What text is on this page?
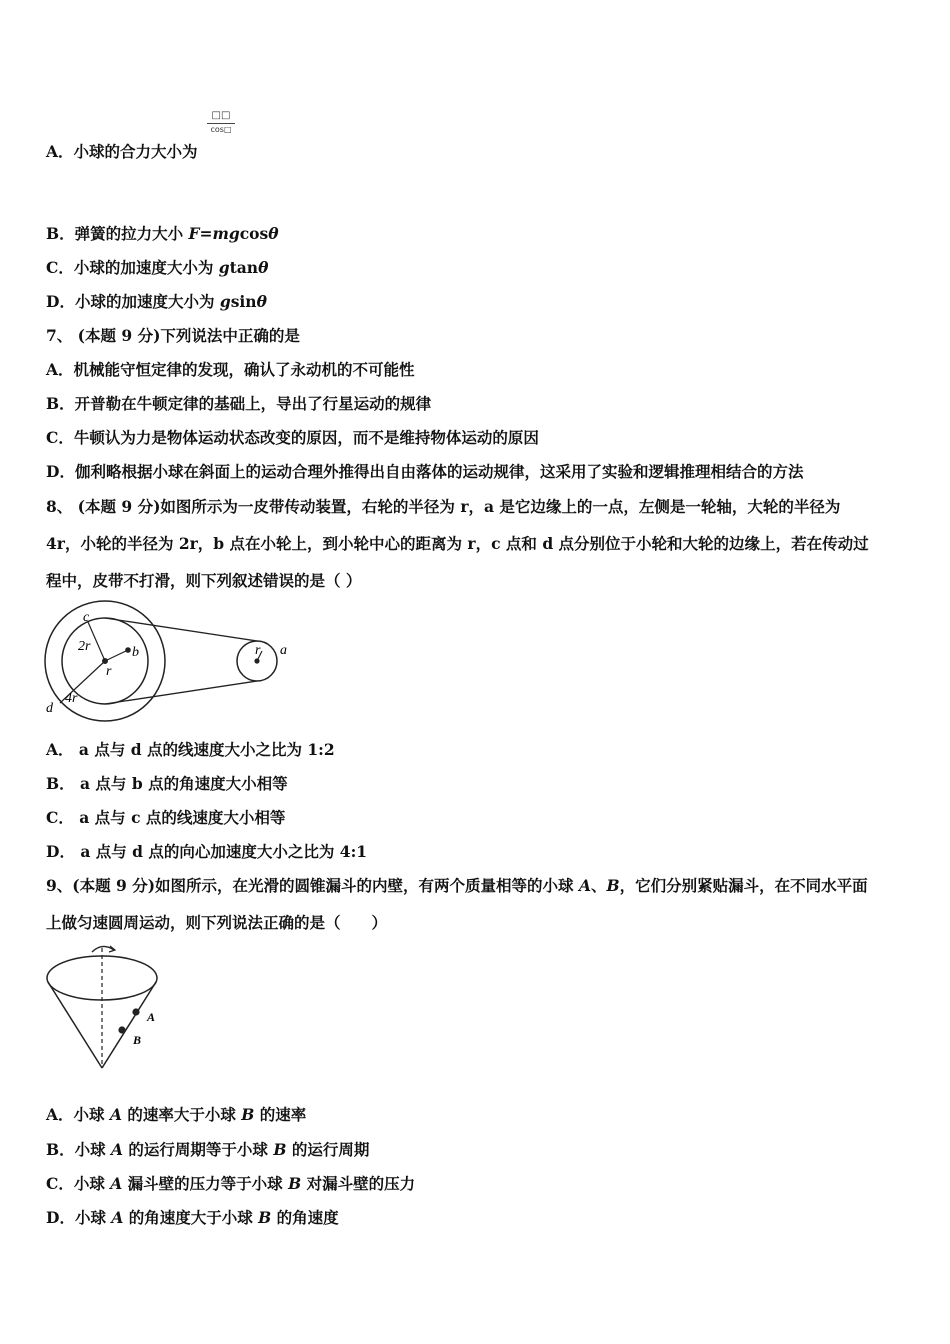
□□
cos□
A．小球的合力大小为
B．弹簧的拉力大小 F=mgcosθ
C．小球的加速度大小为 gtanθ
D．小球的加速度大小为 gsinθ
7、 (本题 9 分)下列说法中正确的是
A．机械能守恒定律的发现，确认了永动机的不可能性
B．开普勒在牛顿定律的基础上，导出了行星运动的规律
C．牛顿认为力是物体运动状态改变的原因，而不是维持物体运动的原因
D．伽利略根据小球在斜面上的运动合理外推得出自由落体的运动规律，这采用了实验和逻辑推理相结合的方法
8、 (本题 9 分)如图所示为一皮带传动装置，右轮的半径为 r，a 是它边缘上的一点，左侧是一轮轴，大轮的半径为
4r，小轮的半径为 2r，b 点在小轮上，到小轮中心的距离为 r，c 点和 d 点分别位于小轮和大轮的边缘上，若在传动过
程中，皮带不打滑，则下列叙述错误的是（ ）
c
2r	b
r
4r
d
r a
A． a 点与 d 点的线速度大小之比为 1:2
B． a 点与 b 点的角速度大小相等
C． a 点与 c 点的线速度大小相等
D． a 点与 d 点的向心加速度大小之比为 4:1
9、(本题 9 分)如图所示，在光滑的圆锥漏斗的内壁，有两个质量相等的小球 A、B，它们分别紧贴漏斗，在不同水平面
上做匀速圆周运动，则下列说法正确的是（　　）
A
B
A．小球 A 的速率大于小球 B 的速率
B．小球 A 的运行周期等于小球 B 的运行周期
C．小球 A 漏斗壁的压力等于小球 B 对漏斗壁的压力
D．小球 A 的角速度大于小球 B 的角速度
